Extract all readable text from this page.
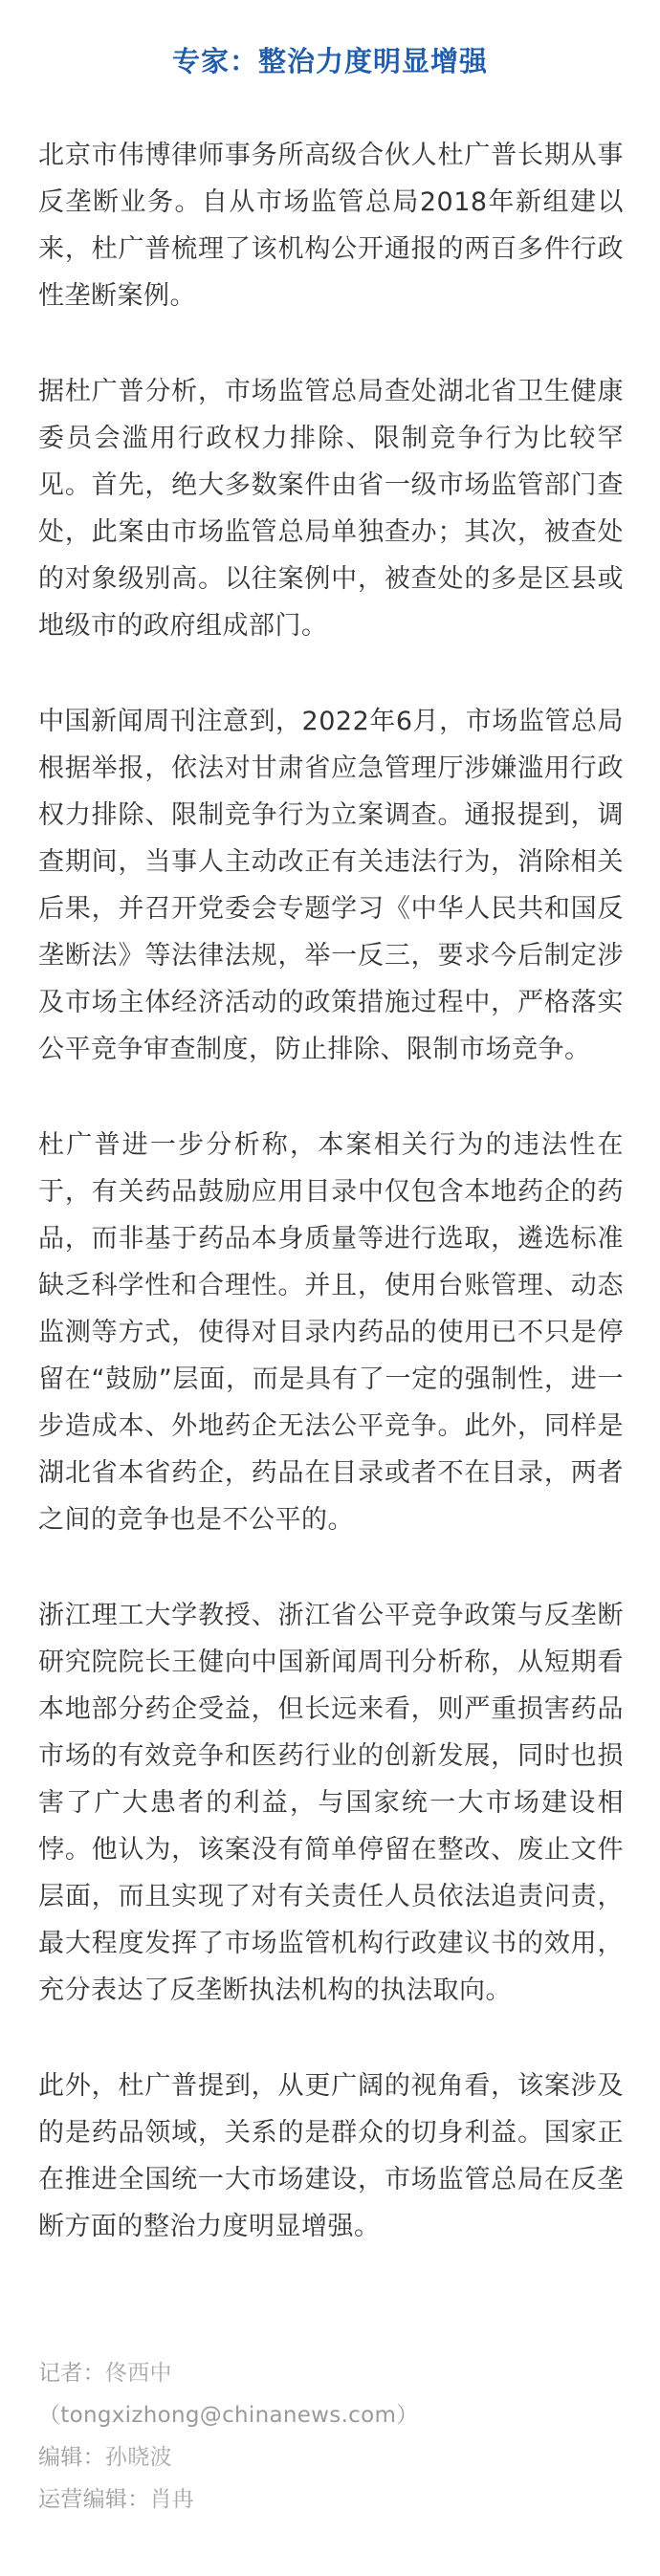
专家：整治力度明显增强

北京市伟博律师事务所高级合伙人杜广普长期从事反垄断业务。自从市场监管总局2018年新组建以来，杜广普梳理了该机构公开通报的两百多件行政性垄断案例。

据杜广普分析，市场监管总局查处湖北省卫生健康委员会滥用行政权力排除、限制竞争行为比较罕见。首先，绝大多数案件由省一级市场监管部门查处，此案由市场监管总局单独查办；其次，被查处的对象级别高。以往案例中，被查处的多是区县或地级市的政府组成部门。

中国新闻周刊注意到，2022年6月，市场监管总局根据举报，依法对甘肃省应急管理厅涉嫌滥用行政权力排除、限制竞争行为立案调查。通报提到，调查期间，当事人主动改正有关违法行为，消除相关后果，并召开党委会专题学习《中华人民共和国反垄断法》等法律法规，举一反三，要求今后制定涉及市场主体经济活动的政策措施过程中，严格落实公平竞争审查制度，防止排除、限制市场竞争。

杜广普进一步分析称，本案相关行为的违法性在于，有关药品鼓励应用目录中仅包含本地药企的药品，而非基于药品本身质量等进行选取，遴选标准缺乏科学性和合理性。并且，使用台账管理、动态监测等方式，使得对目录内药品的使用已不只是停留在“鼓励”层面，而是具有了一定的强制性，进一步造成本、外地药企无法公平竞争。此外，同样是湖北省本省药企，药品在目录或者不在目录，两者之间的竞争也是不公平的。

浙江理工大学教授、浙江省公平竞争政策与反垄断研究院院长王健向中国新闻周刊分析称，从短期看本地部分药企受益，但长远来看，则严重损害药品市场的有效竞争和医药行业的创新发展，同时也损害了广大患者的利益，与国家统一大市场建设相悖。他认为，该案没有简单停留在整改、废止文件层面，而且实现了对有关责任人员依法追责问责，最大程度发挥了市场监管机构行政建议书的效用，充分表达了反垄断执法机构的执法取向。

此外，杜广普提到，从更广阔的视角看，该案涉及的是药品领域，关系的是群众的切身利益。国家正在推进全国统一大市场建设，市场监管总局在反垄断方面的整治力度明显增强。

记者：佟西中
（tongxizhong@chinanews.com）
编辑：孙晓波
运营编辑：肖冉
